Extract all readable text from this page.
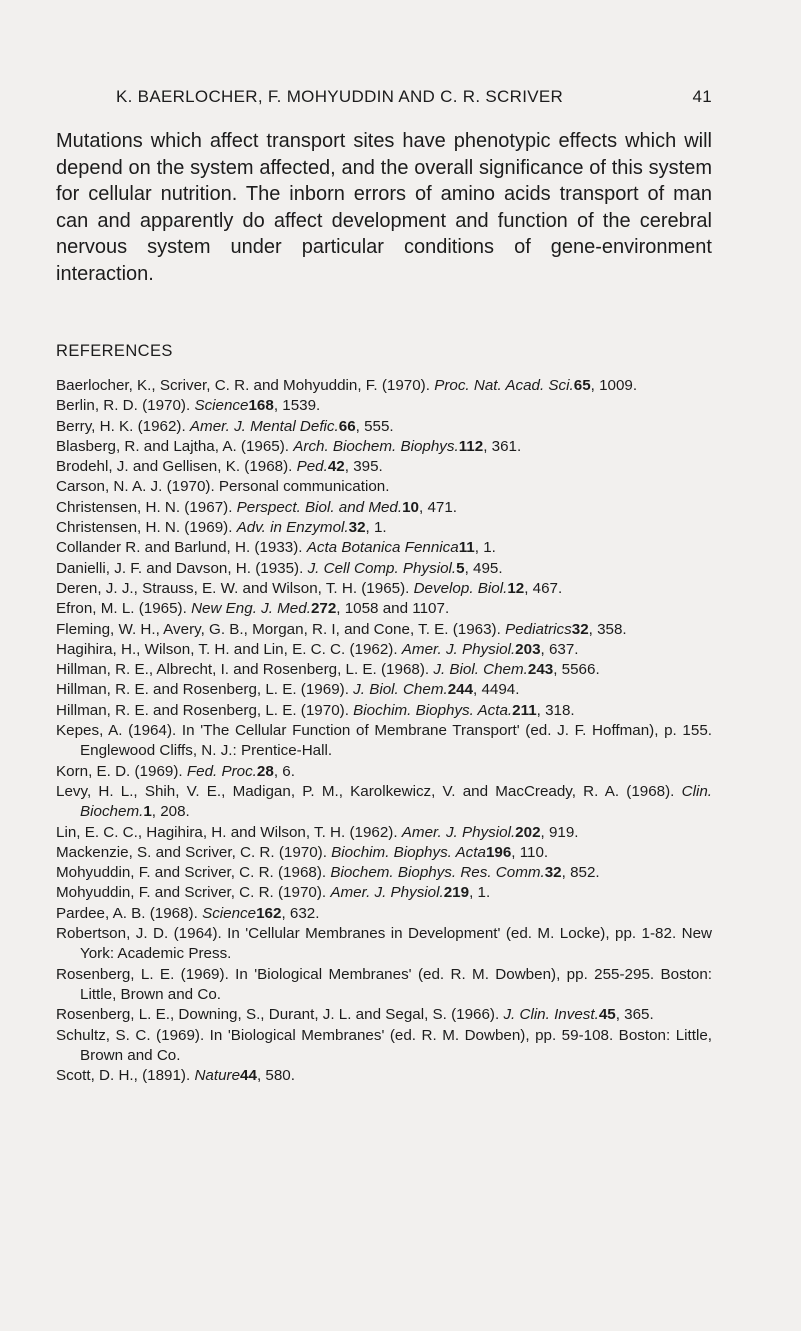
K. BAERLOCHER, F. MOHYUDDIN AND C. R. SCRIVER	41

Mutations which affect transport sites have phenotypic effects which will depend on the system affected, and the overall significance of this system for cellular nutrition. The inborn errors of amino acids transport of man can and apparently do affect development and function of the cerebral nervous system under particular conditions of gene-environment interaction.

REFERENCES
Baerlocher, K., Scriver, C. R. and Mohyuddin, F. (1970). Proc. Nat. Acad. Sci.65, 1009.
Berlin, R. D. (1970). Science168, 1539.
Berry, H. K. (1962). Amer. J. Mental Defic.66, 555.
Blasberg, R. and Lajtha, A. (1965). Arch. Biochem. Biophys.112, 361.
Brodehl, J. and Gellisen, K. (1968). Ped.42, 395.
Carson, N. A. J. (1970). Personal communication.
Christensen, H. N. (1967). Perspect. Biol. and Med.10, 471.
Christensen, H. N. (1969). Adv. in Enzymol.32, 1.
Collander R. and Barlund, H. (1933). Acta Botanica Fennica11, 1.
Danielli, J. F. and Davson, H. (1935). J. Cell Comp. Physiol.5, 495.
Deren, J. J., Strauss, E. W. and Wilson, T. H. (1965). Develop. Biol.12, 467.
Efron, M. L. (1965). New Eng. J. Med.272, 1058 and 1107.
Fleming, W. H., Avery, G. B., Morgan, R. I, and Cone, T. E. (1963). Pediatrics32, 358.
Hagihira, H., Wilson, T. H. and Lin, E. C. C. (1962). Amer. J. Physiol.203, 637.
Hillman, R. E., Albrecht, I. and Rosenberg, L. E. (1968). J. Biol. Chem.243, 5566.
Hillman, R. E. and Rosenberg, L. E. (1969). J. Biol. Chem.244, 4494.
Hillman, R. E. and Rosenberg, L. E. (1970). Biochim. Biophys. Acta.211, 318.
Kepes, A. (1964). In 'The Cellular Function of Membrane Transport' (ed. J. F. Hoffman), p. 155. Englewood Cliffs, N. J.: Prentice-Hall.
Korn, E. D. (1969). Fed. Proc.28, 6.
Levy, H. L., Shih, V. E., Madigan, P. M., Karolkewicz, V. and MacCready, R. A. (1968). Clin. Biochem.1, 208.
Lin, E. C. C., Hagihira, H. and Wilson, T. H. (1962). Amer. J. Physiol.202, 919.
Mackenzie, S. and Scriver, C. R. (1970). Biochim. Biophys. Acta196, 110.
Mohyuddin, F. and Scriver, C. R. (1968). Biochem. Biophys. Res. Comm.32, 852.
Mohyuddin, F. and Scriver, C. R. (1970). Amer. J. Physiol.219, 1.
Pardee, A. B. (1968). Science162, 632.
Robertson, J. D. (1964). In 'Cellular Membranes in Development' (ed. M. Locke), pp. 1-82. New York: Academic Press.
Rosenberg, L. E. (1969). In 'Biological Membranes' (ed. R. M. Dowben), pp. 255-295. Boston: Little, Brown and Co.
Rosenberg, L. E., Downing, S., Durant, J. L. and Segal, S. (1966). J. Clin. Invest.45, 365.
Schultz, S. C. (1969). In 'Biological Membranes' (ed. R. M. Dowben), pp. 59-108. Boston: Little, Brown and Co.
Scott, D. H., (1891). Nature44, 580.
